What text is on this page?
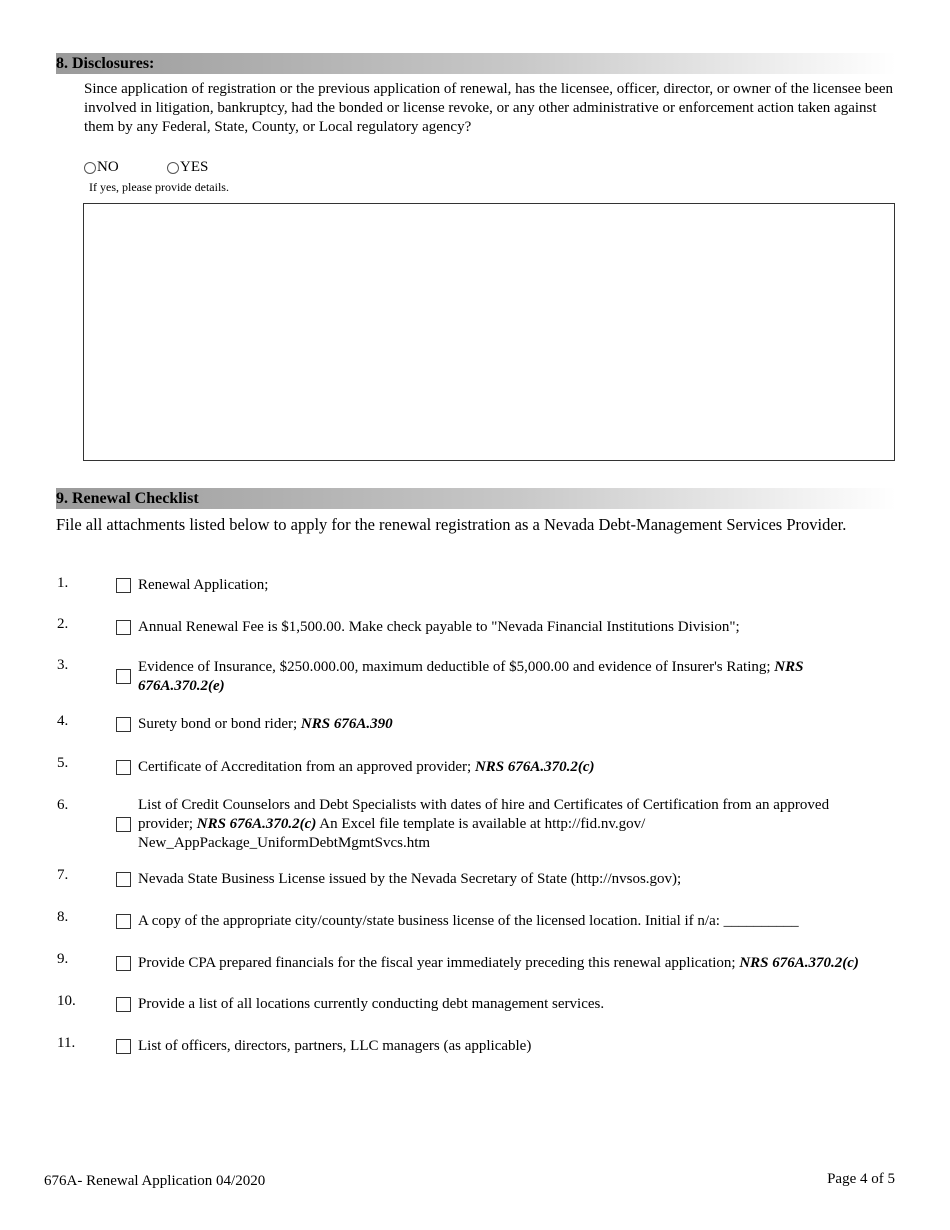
8. Disclosures:
Since application of registration or the previous application of renewal, has the licensee, officer, director, or owner of the licensee been involved in litigation, bankruptcy, had the bonded or license revoke, or any other administrative or enforcement action taken against them by any Federal, State, County, or Local regulatory agency?
NO	YES
If yes, please provide details.
9. Renewal Checklist
File all attachments listed below to apply for the renewal registration as a Nevada Debt-Management Services Provider.
1.	Renewal Application;
2.	Annual Renewal Fee is $1,500.00. Make check payable to "Nevada Financial Institutions Division";
3.	Evidence of Insurance, $250.000.00, maximum deductible of $5,000.00 and evidence of Insurer's Rating; NRS 676A.370.2(e)
4.	Surety bond or bond rider; NRS 676A.390
5.	Certificate of Accreditation from an approved provider; NRS 676A.370.2(c)
6.	List of Credit Counselors and Debt Specialists with dates of hire and Certificates of Certification from an approved provider; NRS 676A.370.2(c) An Excel file template is available at http://fid.nv.gov/ New_AppPackage_UniformDebtMgmtSvcs.htm
7.	Nevada State Business License issued by the Nevada Secretary of State (http://nvsos.gov);
8.	A copy of the appropriate city/county/state business license of the licensed location. Initial if n/a: __________
9.	Provide CPA prepared financials for the fiscal year immediately preceding this renewal application; NRS 676A.370.2(c)
10.	Provide a list of all locations currently conducting debt management services.
11.	List of officers, directors, partners, LLC managers (as applicable)
676A- Renewal Application 04/2020	Page 4 of 5
